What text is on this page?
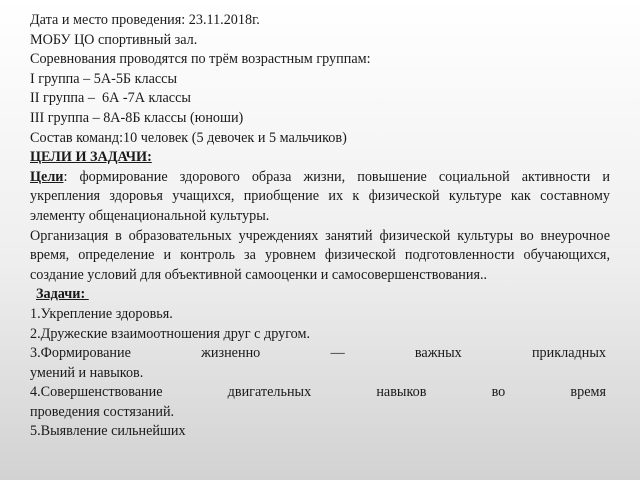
Дата и место проведения: 23.11.2018г.

МОБУ ЦО спортивный зал.

Соревнования проводятся по трём возрастным группам:

I группа – 5А-5Б классы

II группа –  6А -7А классы

III группа – 8А-8Б классы (юноши)

Состав команд:10 человек (5 девочек и 5 мальчиков)

ЦЕЛИ И ЗАДАЧИ:

Цели: формирование здорового образа жизни, повышение социальной активности и укрепления здоровья учащихся, приобщение их к физической культуре как составному элементу общенациональной культуры.

Организация в образовательных учреждениях занятий физической культуры во внеурочное время, определение и контроль за уровнем физической подготовленности обучающихся, создание условий для объективной самооценки и самосовершенствования..

Задачи:

1.Укрепление здоровья.

2.Дружеские взаимоотношения друг с другом.

3.Формирование	жизненно	—	важных	прикладных

умений и навыков.

4.Совершенствование	двигательных	навыков	во	время

проведения состязаний.

5.Выявление сильнейших
